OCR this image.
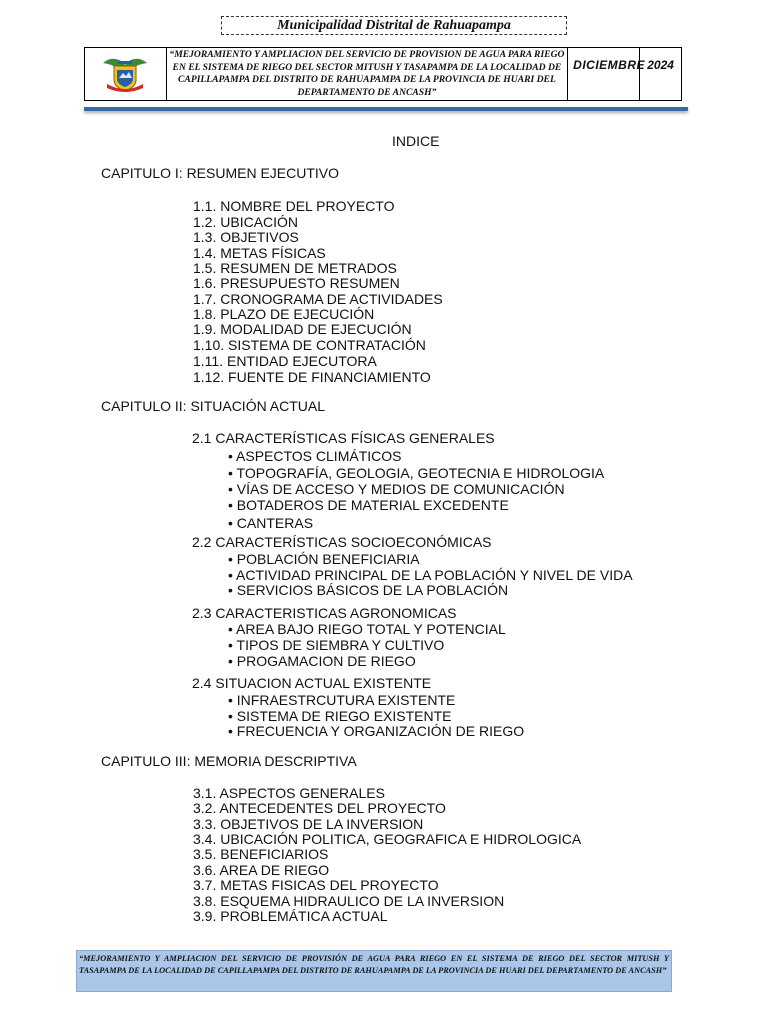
Municipalidad Distrital de Rahuapampa
“MEJORAMIENTO Y AMPLIACION DEL SERVICIO DE PROVISION DE AGUA PARA RIEGO EN EL SISTEMA DE RIEGO DEL SECTOR MITUSH Y TASAPAMPA DE LA LOCALIDAD DE CAPILLAPAMPA DEL DISTRITO DE RAHUAPAMPA DE LA PROVINCIA DE HUARI DEL DEPARTAMENTO DE ANCASH”
DICIEMBRE 2024
INDICE
CAPITULO I: RESUMEN EJECUTIVO
1.1. NOMBRE DEL PROYECTO
1.2. UBICACIÓN
1.3. OBJETIVOS
1.4. METAS FÍSICAS
1.5. RESUMEN DE METRADOS
1.6. PRESUPUESTO RESUMEN
1.7. CRONOGRAMA DE ACTIVIDADES
1.8. PLAZO DE EJECUCIÓN
1.9. MODALIDAD DE EJECUCIÓN
1.10. SISTEMA DE CONTRATACIÓN
1.11. ENTIDAD EJECUTORA
1.12. FUENTE DE FINANCIAMIENTO
CAPITULO II: SITUACIÓN ACTUAL
2.1 CARACTERÍSTICAS FÍSICAS GENERALES
• ASPECTOS CLIMÁTICOS
• TOPOGRAFÍA, GEOLOGIA, GEOTECNIA E HIDROLOGIA
• VÍAS DE ACCESO Y MEDIOS DE COMUNICACIÓN
• BOTADEROS DE MATERIAL EXCEDENTE
• CANTERAS
2.2 CARACTERÍSTICAS SOCIOECONÓMICAS
• POBLACIÓN BENEFICIARIA
• ACTIVIDAD PRINCIPAL DE LA POBLACIÓN Y NIVEL DE VIDA
• SERVICIOS BÁSICOS DE LA POBLACIÓN
2.3 CARACTERISTICAS AGRONOMICAS
• AREA BAJO RIEGO TOTAL Y POTENCIAL
• TIPOS DE SIEMBRA Y CULTIVO
• PROGAMACION DE RIEGO
2.4 SITUACION ACTUAL EXISTENTE
• INFRAESTRCUTURA EXISTENTE
• SISTEMA DE RIEGO EXISTENTE
• FRECUENCIA Y ORGANIZACIÓN DE RIEGO
CAPITULO III: MEMORIA DESCRIPTIVA
3.1. ASPECTOS GENERALES
3.2. ANTECEDENTES DEL PROYECTO
3.3. OBJETIVOS DE LA INVERSION
3.4. UBICACIÓN POLITICA, GEOGRAFICA E HIDROLOGICA
3.5. BENEFICIARIOS
3.6. AREA DE RIEGO
3.7. METAS FISICAS DEL PROYECTO
3.8. ESQUEMA HIDRAULICO DE LA INVERSION
3.9. PROBLEMÁTICA ACTUAL
“MEJORAMIENTO Y AMPLIACION DEL SERVICIO DE PROVISIÓN DE AGUA PARA RIEGO EN EL SISTEMA DE RIEGO DEL SECTOR MITUSH Y TASAPAMPA DE LA LOCALIDAD DE CAPILLAPAMPA DEL DISTRITO DE RAHUAPAMPA DE LA PROVINCIA DE HUARI DEL DEPARTAMENTO DE ANCASH”
